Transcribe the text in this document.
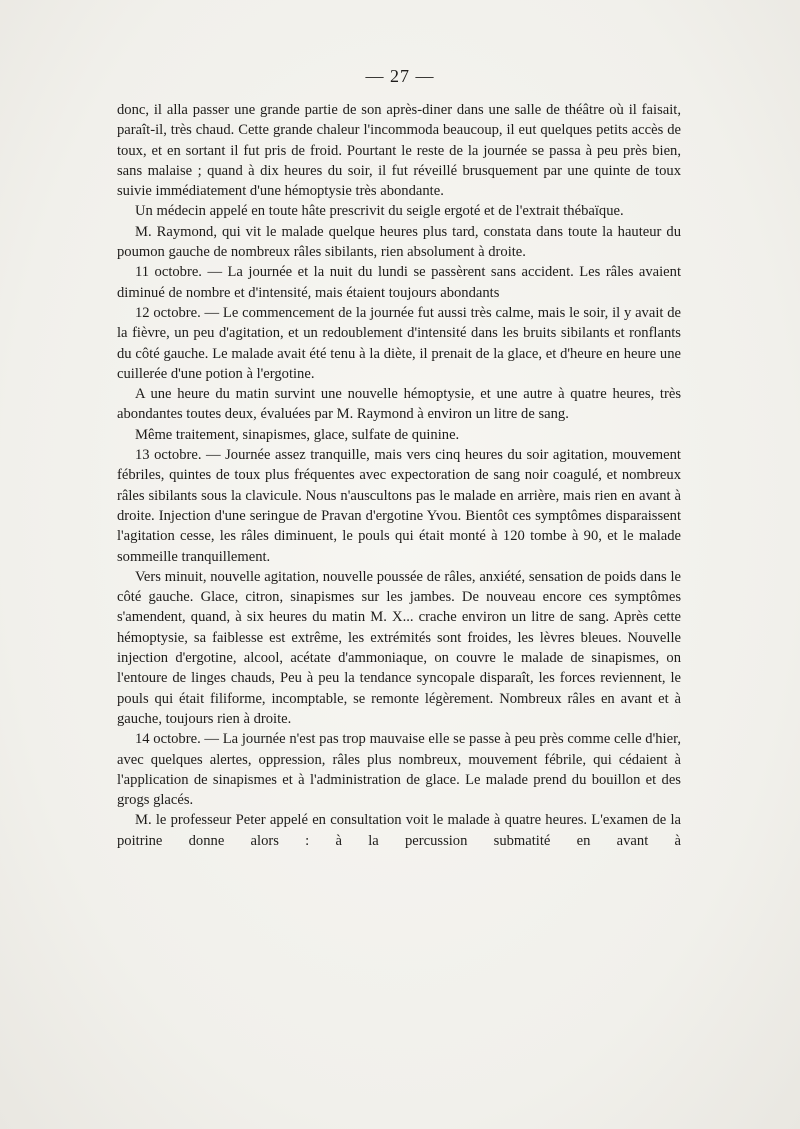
— 27 —

donc, il alla passer une grande partie de son après-diner dans une salle de théâtre où il faisait, paraît-il, très chaud. Cette grande chaleur l'incommoda beaucoup, il eut quelques petits accès de toux, et en sortant il fut pris de froid. Pourtant le reste de la journée se passa à peu près bien, sans malaise ; quand à dix heures du soir, il fut réveillé brusquement par une quinte de toux suivie immédiatement d'une hémoptysie très abondante.

Un médecin appelé en toute hâte prescrivit du seigle ergoté et de l'extrait thébaïque.

M. Raymond, qui vit le malade quelque heures plus tard, constata dans toute la hauteur du poumon gauche de nombreux râles sibilants, rien absolument à droite.

11 octobre. — La journée et la nuit du lundi se passèrent sans accident. Les râles avaient diminué de nombre et d'intensité, mais étaient toujours abondants

12 octobre. — Le commencement de la journée fut aussi très calme, mais le soir, il y avait de la fièvre, un peu d'agitation, et un redoublement d'intensité dans les bruits sibilants et ronflants du côté gauche. Le malade avait été tenu à la diète, il prenait de la glace, et d'heure en heure une cuillerée d'une potion à l'ergotine.

A une heure du matin survint une nouvelle hémoptysie, et une autre à quatre heures, très abondantes toutes deux, évaluées par M. Raymond à environ un litre de sang.

Même traitement, sinapismes, glace, sulfate de quinine.

13 octobre. — Journée assez tranquille, mais vers cinq heures du soir agitation, mouvement fébriles, quintes de toux plus fréquentes avec expectoration de sang noir coagulé, et nombreux râles sibilants sous la clavicule. Nous n'auscultons pas le malade en arrière, mais rien en avant à droite. Injection d'une seringue de Pravan d'ergotine Yvou. Bientôt ces symptômes disparaissent l'agitation cesse, les râles diminuent, le pouls qui était monté à 120 tombe à 90, et le malade sommeille tranquillement.

Vers minuit, nouvelle agitation, nouvelle poussée de râles, anxiété, sensation de poids dans le côté gauche. Glace, citron, sinapismes sur les jambes. De nouveau encore ces symptômes s'amendent, quand, à six heures du matin M. X... crache environ un litre de sang. Après cette hémoptysie, sa faiblesse est extrême, les extrémités sont froides, les lèvres bleues. Nouvelle injection d'ergotine, alcool, acétate d'ammoniaque, on couvre le malade de sinapismes, on l'entoure de linges chauds, Peu à peu la tendance syncopale disparaît, les forces reviennent, le pouls qui était filiforme, incomptable, se remonte légèrement. Nombreux râles en avant et à gauche, toujours rien à droite.

14 octobre. — La journée n'est pas trop mauvaise elle se passe à peu près comme celle d'hier, avec quelques alertes, oppression, râles plus nombreux, mouvement fébrile, qui cédaient à l'application de sinapismes et à l'administration de glace. Le malade prend du bouillon et des grogs glacés.

M. le professeur Peter appelé en consultation voit le malade à quatre heures. L'examen de la poitrine donne alors : à la percussion submatité en avant à
